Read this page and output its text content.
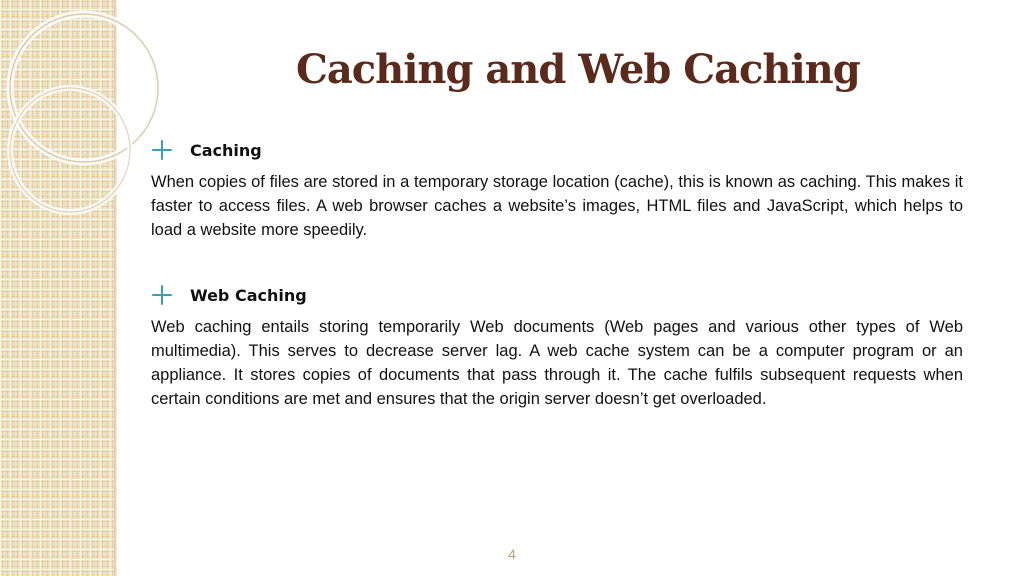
Caching and Web Caching
Caching

When copies of files are stored in a temporary storage location (cache), this is known as caching. This makes it faster to access files. A web browser caches a website’s images, HTML files and JavaScript, which helps to load a website more speedily.

Web Caching

Web caching entails storing temporarily Web documents (Web pages and various other types of Web multimedia). This serves to decrease server lag. A web cache system can be a computer program or an appliance. It stores copies of documents that pass through it. The cache fulfils subsequent requests when certain conditions are met and ensures that the origin server doesn’t get overloaded.

4
